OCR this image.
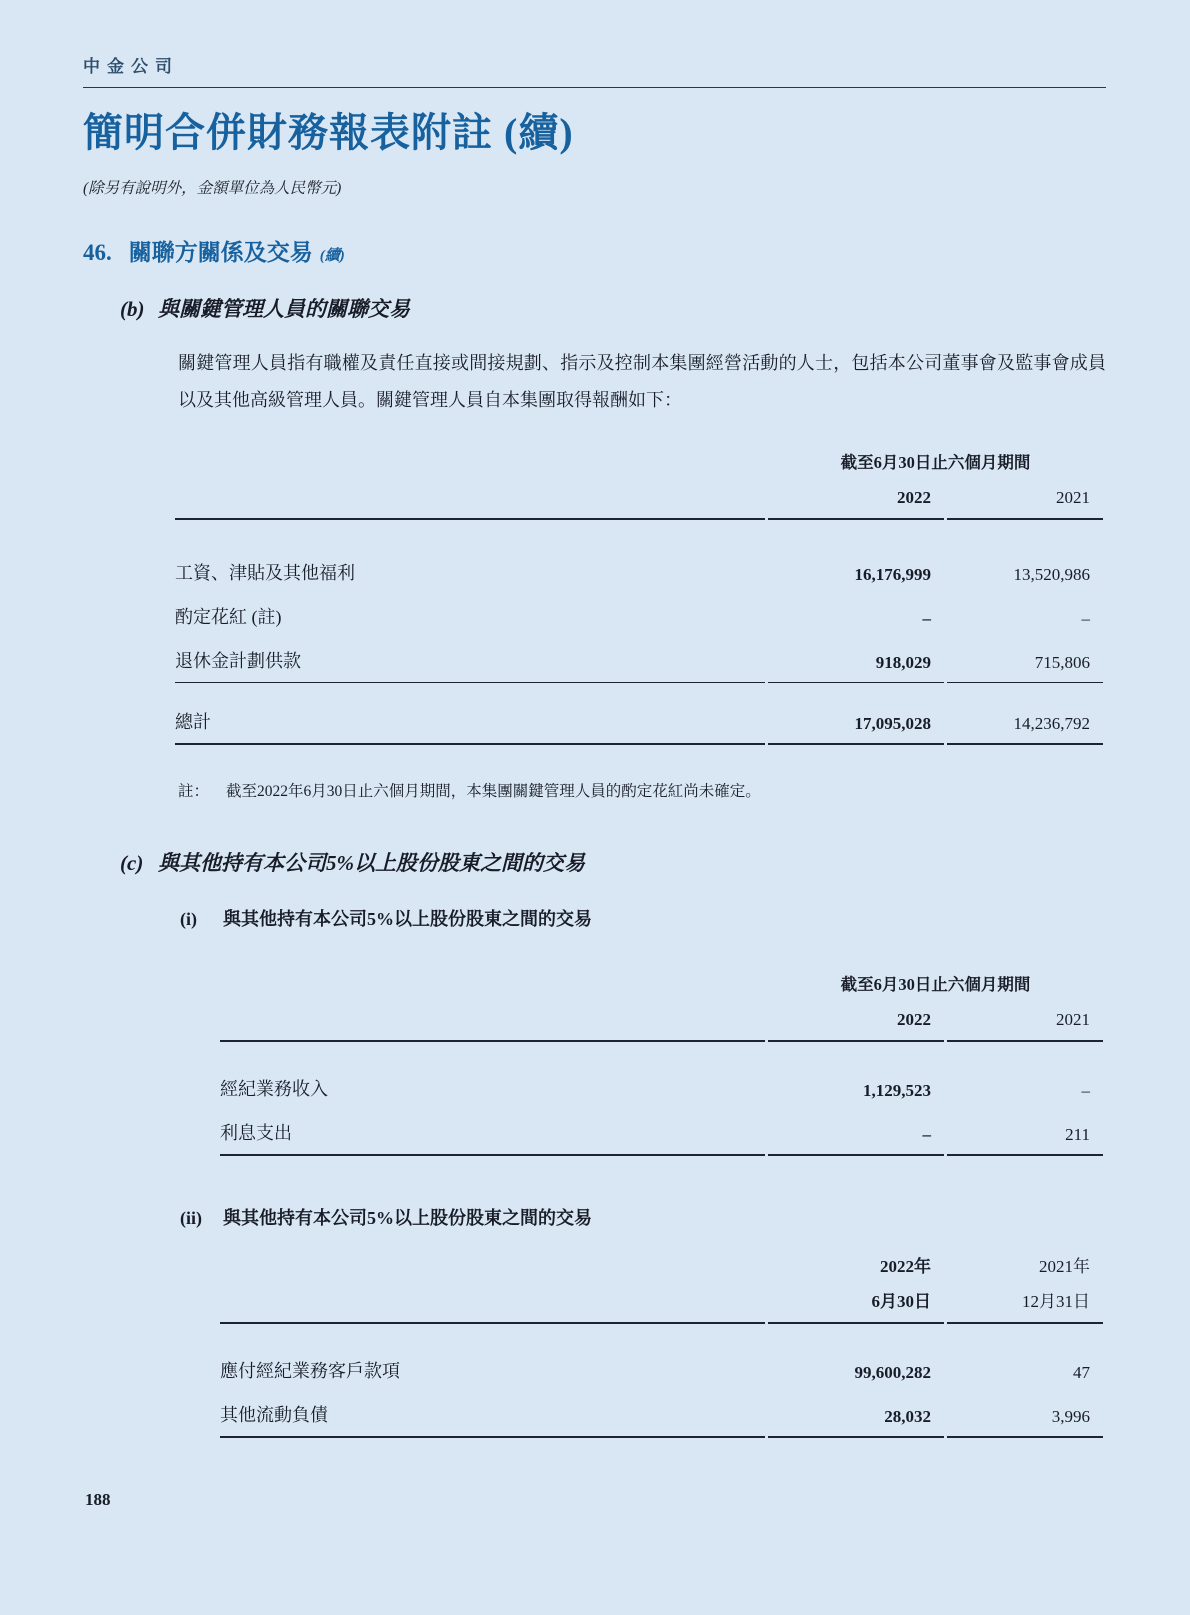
中金公司
簡明合併財務報表附註 (續)
(除另有說明外，金額單位為人民幣元)
46. 關聯方關係及交易 (續)
(b) 與關鍵管理人員的關聯交易

關鍵管理人員指有職權及責任直接或間接規劃、指示及控制本集團經營活動的人士，包括本公司董事會及監事會成員以及其他高級管理人員。關鍵管理人員自本集團取得報酬如下：

	截至6月30日止六個月期間	
	2022	2021

工資、津貼及其他福利	16,176,999	13,520,986
酌定花紅 (註)	–	–
退休金計劃供款	918,029	715,806

總計	17,095,028	14,236,792
註：	截至2022年6月30日止六個月期間，本集團關鍵管理人員的酌定花紅尚未確定。
(c) 與其他持有本公司5%以上股份股東之間的交易
(i)	與其他持有本公司5%以上股份股東之間的交易
	截至6月30日止六個月期間	
	2022	2021

經紀業務收入	1,129,523	–
利息支出	–	211
(ii)	與其他持有本公司5%以上股份股東之間的交易
	2022年	2021年
	6月30日	12月31日

應付經紀業務客戶款項	99,600,282	47
其他流動負債	28,032	3,996
188
